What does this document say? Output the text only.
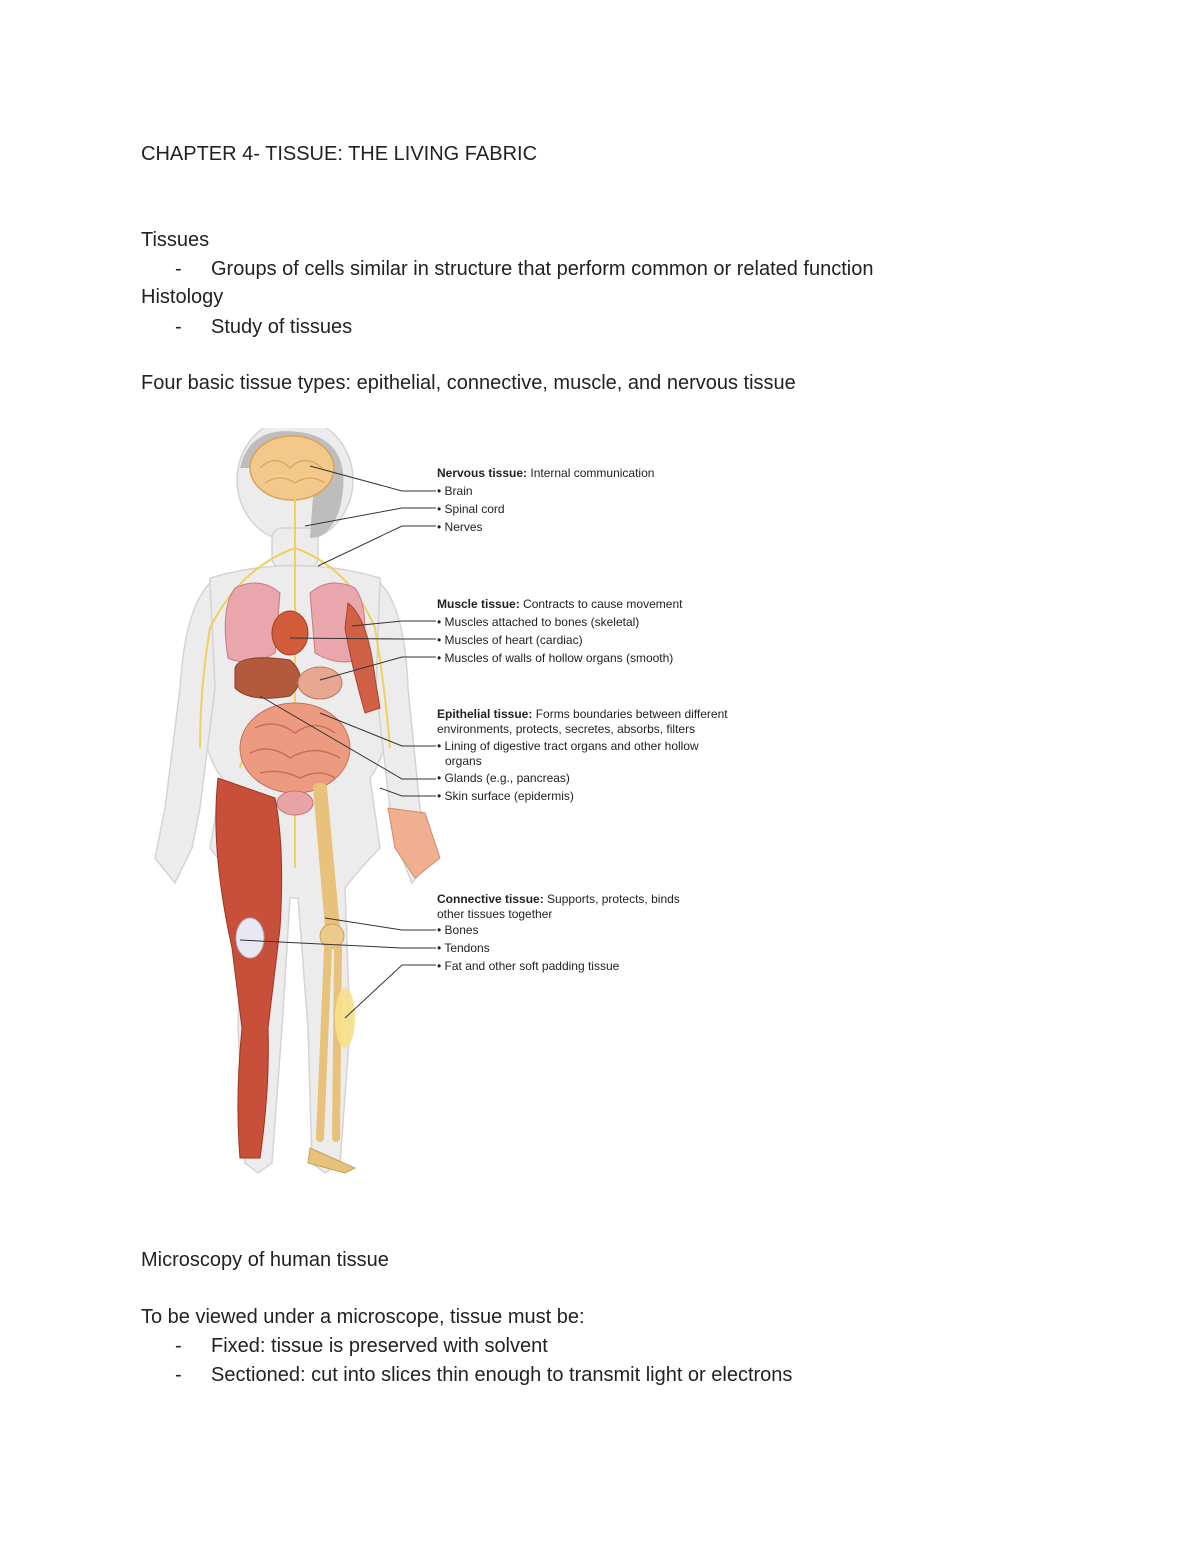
CHAPTER 4- TISSUE: THE LIVING FABRIC
Tissues
- Groups of cells similar in structure that perform common or related function
Histology
- Study of tissues
Four basic tissue types: epithelial, connective, muscle, and nervous tissue
Nervous tissue: Internal communication
• Brain
• Spinal cord
• Nerves
Muscle tissue: Contracts to cause movement
• Muscles attached to bones (skeletal)
• Muscles of heart (cardiac)
• Muscles of walls of hollow organs (smooth)
Epithelial tissue: Forms boundaries between different
environments, protects, secretes, absorbs, filters
• Lining of digestive tract organs and other hollow
organs
• Glands (e.g., pancreas)
• Skin surface (epidermis)
Connective tissue: Supports, protects, binds
other tissues together
• Bones
• Tendons
• Fat and other soft padding tissue
Microscopy of human tissue
To be viewed under a microscope, tissue must be:
- Fixed: tissue is preserved with solvent
- Sectioned: cut into slices thin enough to transmit light or electrons
